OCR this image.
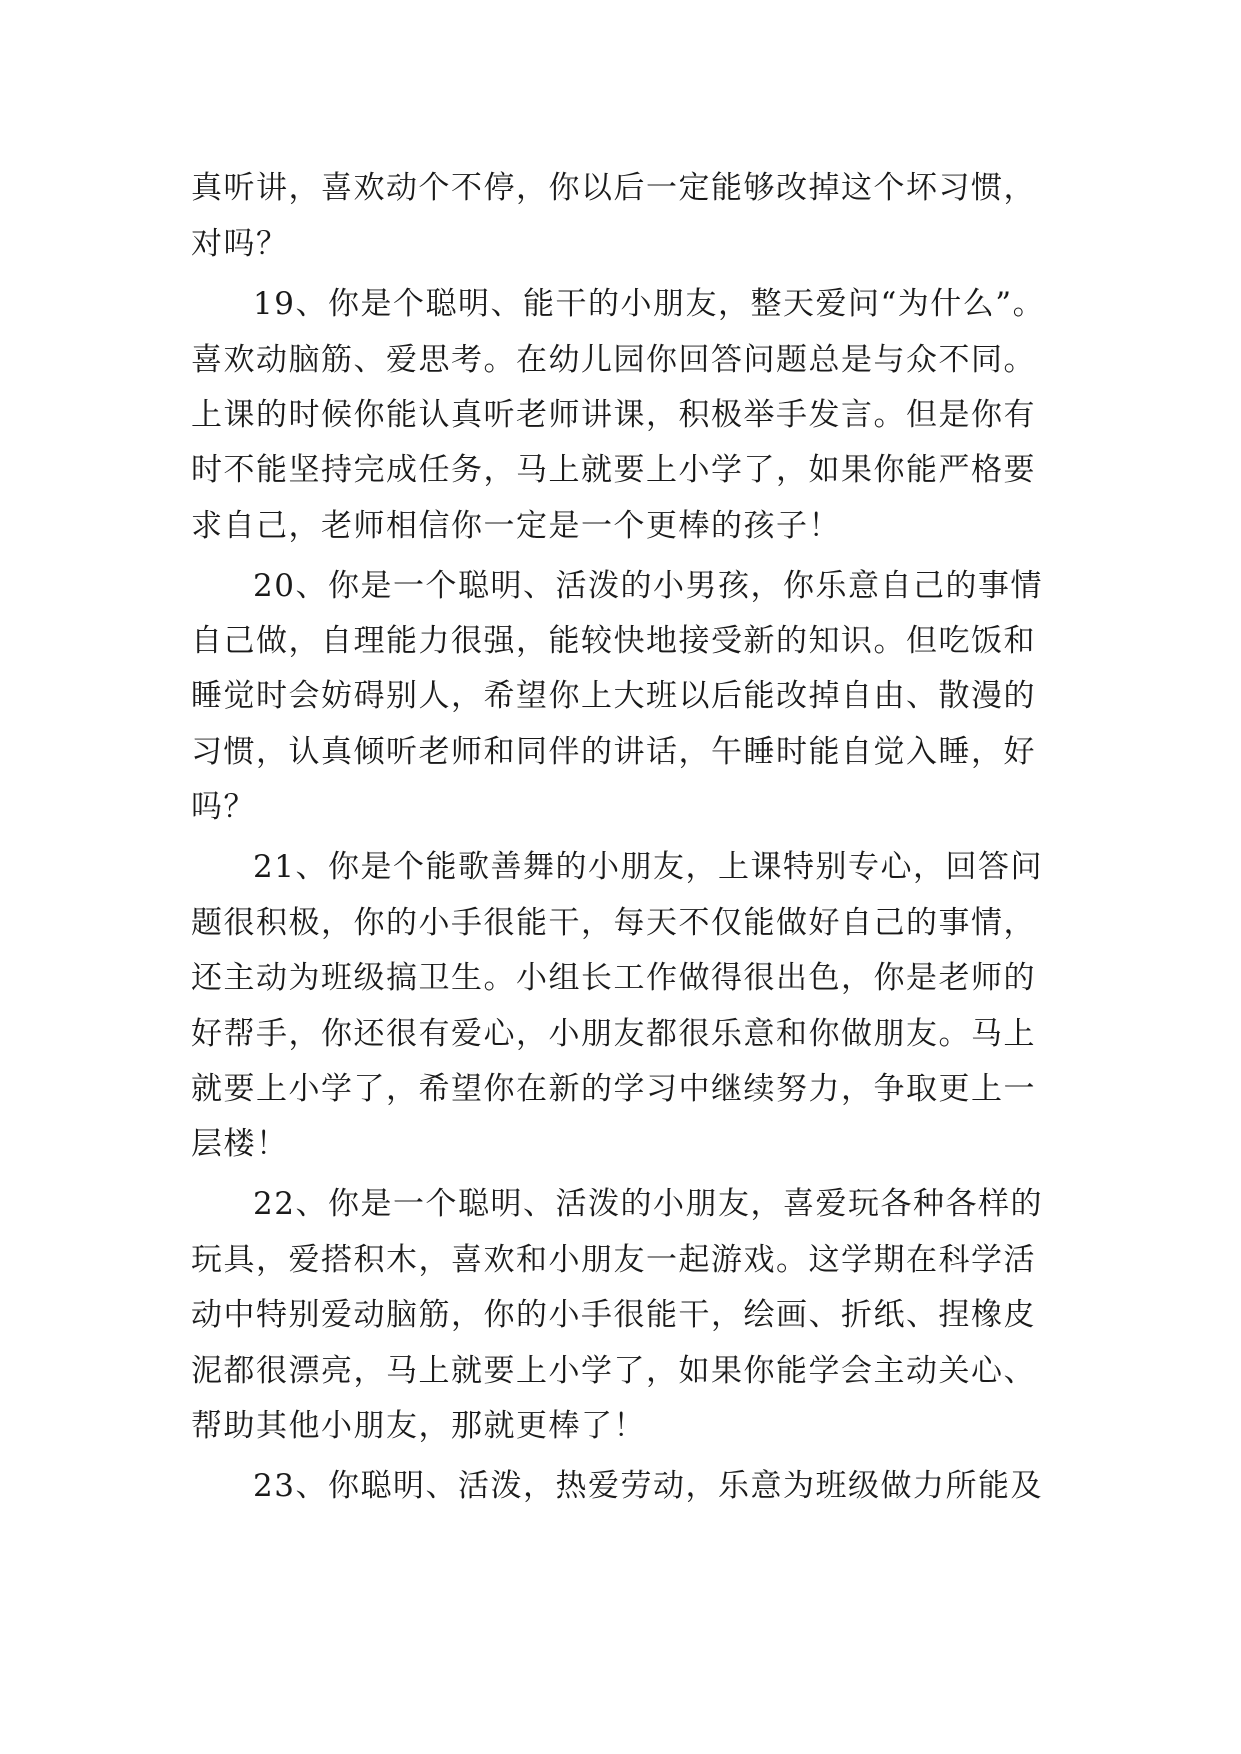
真听讲，喜欢动个不停，你以后一定能够改掉这个坏习惯，

对吗？

19、你是个聪明、能干的小朋友，整天爱问“为什么”。

喜欢动脑筋、爱思考。在幼儿园你回答问题总是与众不同。

上课的时候你能认真听老师讲课，积极举手发言。但是你有

时不能坚持完成任务，马上就要上小学了，如果你能严格要

求自己，老师相信你一定是一个更棒的孩子！

20、你是一个聪明、活泼的小男孩，你乐意自己的事情

自己做，自理能力很强，能较快地接受新的知识。但吃饭和

睡觉时会妨碍别人，希望你上大班以后能改掉自由、散漫的

习惯，认真倾听老师和同伴的讲话，午睡时能自觉入睡，好

吗？

21、你是个能歌善舞的小朋友，上课特别专心，回答问

题很积极，你的小手很能干，每天不仅能做好自己的事情，

还主动为班级搞卫生。小组长工作做得很出色，你是老师的

好帮手，你还很有爱心，小朋友都很乐意和你做朋友。马上

就要上小学了，希望你在新的学习中继续努力，争取更上一

层楼！

22、你是一个聪明、活泼的小朋友，喜爱玩各种各样的

玩具，爱搭积木，喜欢和小朋友一起游戏。这学期在科学活

动中特别爱动脑筋，你的小手很能干，绘画、折纸、捏橡皮

泥都很漂亮，马上就要上小学了，如果你能学会主动关心、

帮助其他小朋友，那就更棒了！

23、你聪明、活泼，热爱劳动，乐意为班级做力所能及
